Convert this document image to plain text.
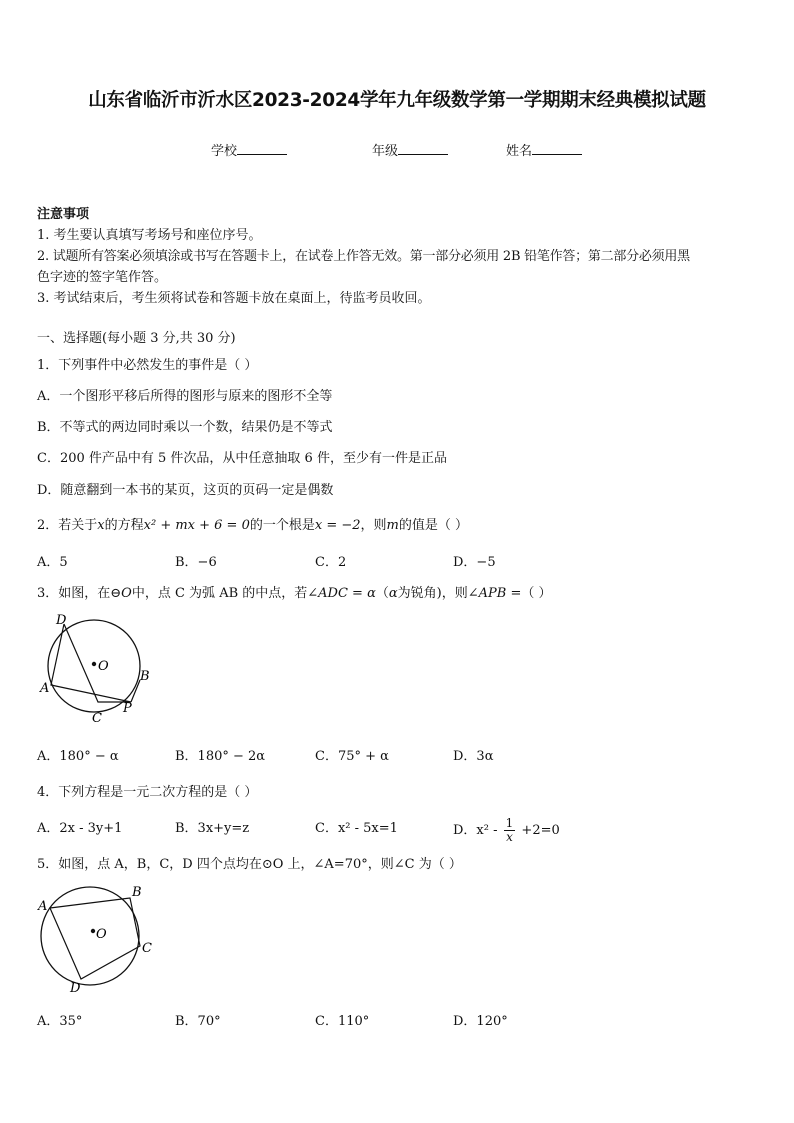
山东省临沂市沂水区2023-2024学年九年级数学第一学期期末经典模拟试题
学校	年级	姓名
注意事项
1. 考生要认真填写考场号和座位序号。
2. 试题所有答案必须填涂或书写在答题卡上，在试卷上作答无效。第一部分必须用 2B 铅笔作答；第二部分必须用黑
色字迹的签字笔作答。
3. 考试结束后，考生须将试卷和答题卡放在桌面上，待监考员收回。
一、选择题(每小题 3 分,共 30 分)
1．下列事件中必然发生的事件是（ ）
A．一个图形平移后所得的图形与原来的图形不全等
B．不等式的两边同时乘以一个数，结果仍是不等式
C．200 件产品中有 5 件次品，从中任意抽取 6 件，至少有一件是正品
D．随意翻到一本书的某页，这页的页码一定是偶数
2．若关于x的方程x² + mx + 6 = 0的一个根是x = −2，则m的值是（ ）
A．5	B．−6	C．2	D．−5
3．如图，在⊖O中，点 C 为弧 AB 的中点，若∠ADC = α（α为锐角)，则∠APB =（ ）
D
O
B
A
P
C
A．180° − α	B．180° − 2α	C．75° + α	D．3α
4．下列方程是一元二次方程的是（ ）
A．2x - 3y+1	B．3x+y=z	C．x² - 5x=1	D．$x^2 - \frac{1}{x} +2=0$
5．如图，点 A，B，C，D 四个点均在⊙O 上，∠A=70°，则∠C 为（ ）
A
B
O
C
D
A．35°	B．70°	C．110°	D．120°
